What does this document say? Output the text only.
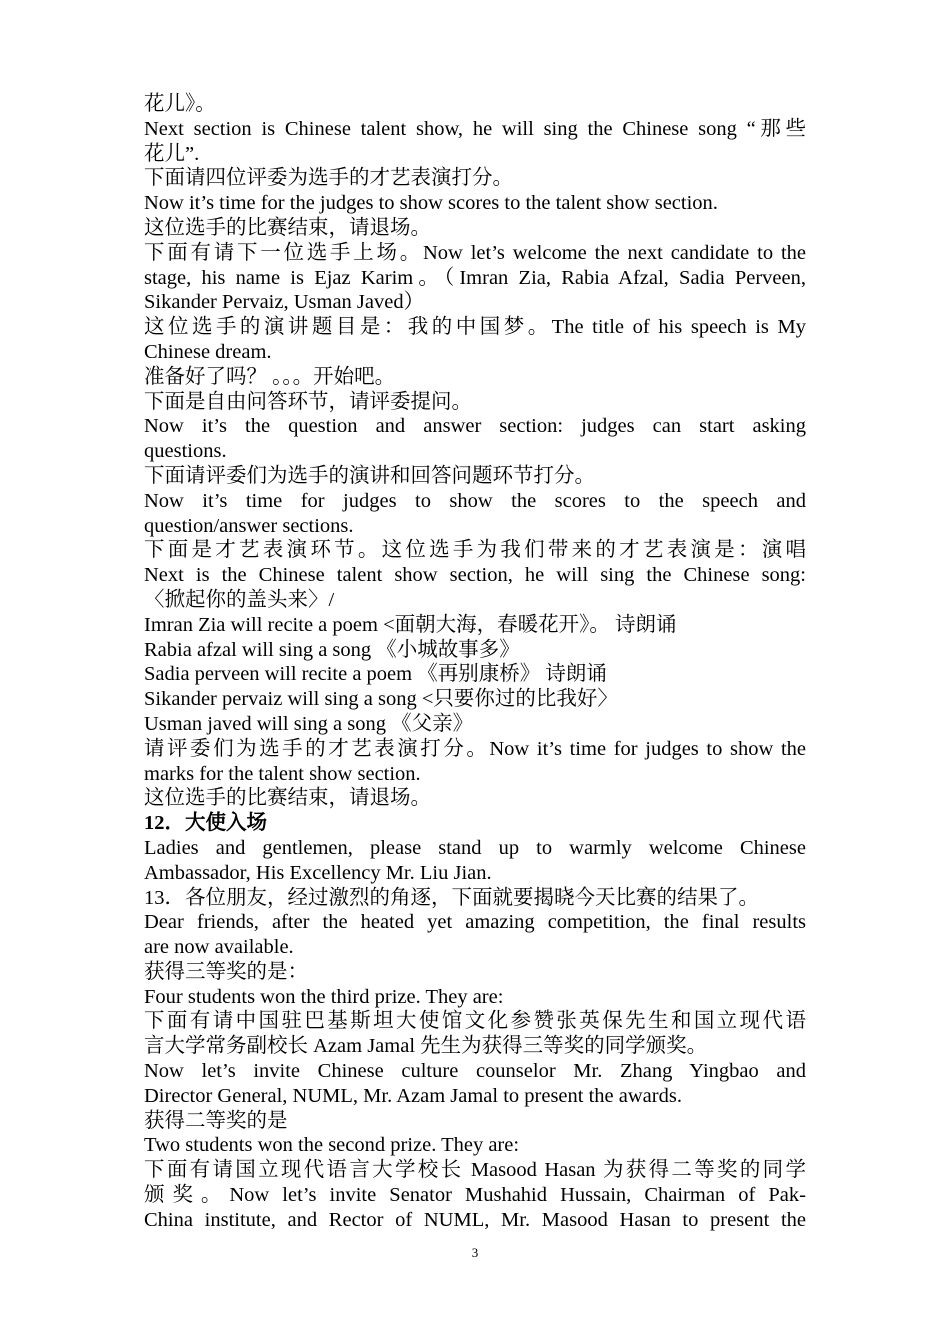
花儿》。

Next section is Chinese talent show, he will sing the Chinese song “那些

花儿”.

下面请四位评委为选手的才艺表演打分。

Now it’s time for the judges to show scores to the talent show section.

这位选手的比赛结束，请退场。

下面有请下一位选手上场。Now let’s welcome the next candidate to the

stage, his name is Ejaz Karim。（Imran Zia, Rabia Afzal, Sadia Perveen,

Sikander Pervaiz, Usman Javed）

这位选手的演讲题目是：我的中国梦。The title of his speech is My

Chinese dream.

准备好了吗？ 。。。开始吧。

下面是自由问答环节，请评委提问。

Now it’s the question and answer section: judges can start asking

questions.

下面请评委们为选手的演讲和回答问题环节打分。

Now it’s time for judges to show the scores to the speech and

question/answer sections.

下面是才艺表演环节。这位选手为我们带来的才艺表演是：演唱

Next is the Chinese talent show section, he will sing the Chinese song:

〈掀起你的盖头来〉/

Imran Zia will recite a poem <面朝大海，春暖花开》。 诗朗诵

Rabia afzal will sing a song 《小城故事多》

Sadia perveen will recite a poem 《再别康桥》 诗朗诵

Sikander pervaiz will sing a song <只要你过的比我好〉

Usman javed will sing a song 《父亲》

请评委们为选手的才艺表演打分。Now it’s time for judges to show the

marks for the talent show section.

这位选手的比赛结束，请退场。

12．大使入场

Ladies and gentlemen, please stand up to warmly welcome Chinese

Ambassador, His Excellency Mr. Liu Jian.

13．各位朋友，经过激烈的角逐，下面就要揭晓今天比赛的结果了。

Dear friends, after the heated yet amazing competition, the final results

are now available.

获得三等奖的是：

Four students won the third prize. They are:

下面有请中国驻巴基斯坦大使馆文化参赞张英保先生和国立现代语

言大学常务副校长 Azam Jamal 先生为获得三等奖的同学颁奖。

Now let’s invite Chinese culture counselor Mr. Zhang Yingbao and

Director General, NUML, Mr. Azam Jamal to present the awards.

获得二等奖的是

Two students won the second prize. They are:

下面有请国立现代语言大学校长 Masood Hasan 为获得二等奖的同学

颁奖。Now let’s invite Senator Mushahid Hussain, Chairman of Pak-

China institute, and Rector of NUML, Mr. Masood Hasan to present the

3
